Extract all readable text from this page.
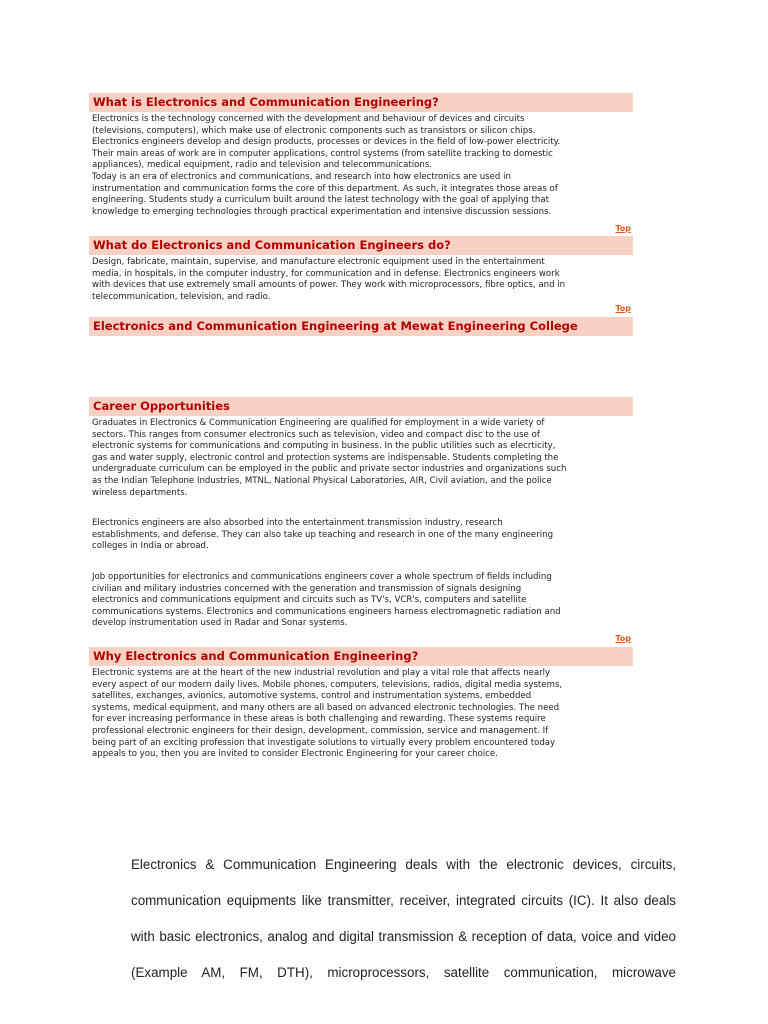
What is Electronics and Communication Engineering?
Electronics is the technology concerned with the development and behaviour of devices and circuits
(televisions, computers), which make use of electronic components such as transistors or silicon chips.
Electronics engineers develop and design products, processes or devices in the field of low-power electricity.
Their main areas of work are in computer applications, control systems (from satellite tracking to domestic
appliances), medical equipment, radio and television and telecommunications.
Today is an era of electronics and communications, and research into how electronics are used in
instrumentation and communication forms the core of this department. As such, it integrates those areas of
engineering. Students study a curriculum built around the latest technology with the goal of applying that
knowledge to emerging technologies through practical experimentation and intensive discussion sessions.
Top
What do Electronics and Communication Engineers do?
Design, fabricate, maintain, supervise, and manufacture electronic equipment used in the entertainment
media, in hospitals, in the computer industry, for communication and in defense. Electronics engineers work
with devices that use extremely small amounts of power. They work with microprocessors, fibre optics, and in
telecommunication, television, and radio.
Top
Electronics and Communication Engineering at Mewat Engineering College
Career Opportunities
Graduates in Electronics & Communication Engineering are qualified for employment in a wide variety of
sectors. This ranges from consumer electronics such as television, video and compact disc to the use of
electronic systems for communications and computing in business. In the public utilities such as elecrticity,
gas and water supply, electronic control and protection systems are indispensable. Students completing the
undergraduate curriculum can be employed in the public and private sector industries and organizations such
as the Indian Telephone Industries, MTNL, National Physical Laboratories, AIR, Civil aviation, and the police
wireless departments.
Electronics engineers are also absorbed into the entertainment transmission industry, research
establishments, and defense. They can also take up teaching and research in one of the many engineering
colleges in India or abroad.
Job opportunities for electronics and communications engineers cover a whole spectrum of fields including
civilian and military industries concerned with the generation and transmission of signals designing
electronics and communications equipment and circuits such as TV's, VCR's, computers and satellite
communications systems. Electronics and communications engineers harness electromagnetic radiation and
develop instrumentation used in Radar and Sonar systems.
Top
Why Electronics and Communication Engineering?
Electronic systems are at the heart of the new industrial revolution and play a vital role that affects nearly
every aspect of our modern daily lives. Mobile phones, computers, televisions, radios, digital media systems,
satellites, exchanges, avionics, automotive systems, control and instrumentation systems, embedded
systems, medical equipment, and many others are all based on advanced electronic technologies. The need
for ever increasing performance in these areas is both challenging and rewarding. These systems require
professional electronic engineers for their design, development, commission, service and management. If
being part of an exciting profession that investigate solutions to virtually every problem encountered today
appeals to you, then you are invited to consider Electronic Engineering for your career choice.
Electronics & Communication Engineering deals with the electronic devices, circuits,
communication equipments like transmitter, receiver, integrated circuits (IC). It also deals
with basic electronics, analog and digital transmission & reception of data, voice and video
(Example AM, FM, DTH), microprocessors, satellite communication, microwave
